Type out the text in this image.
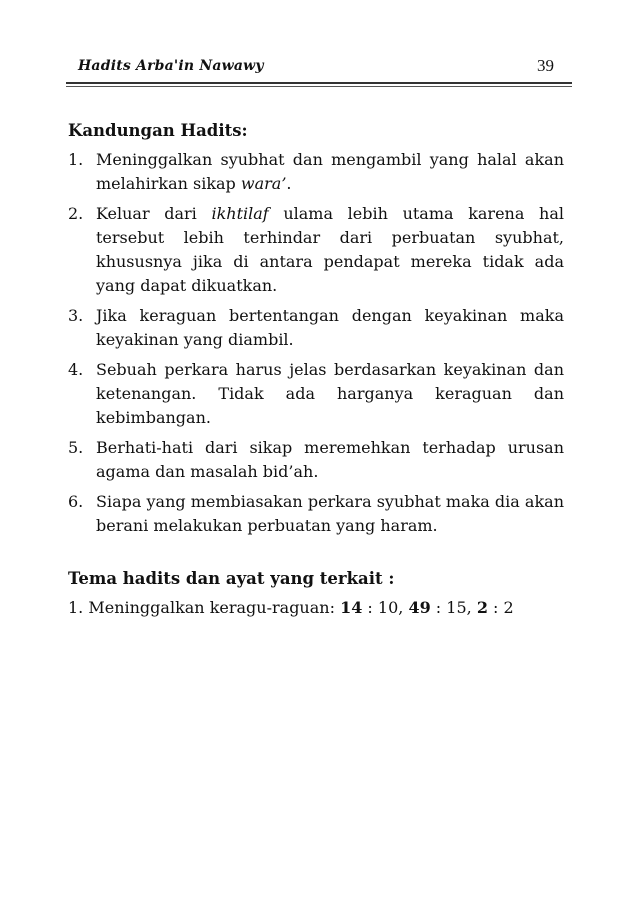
Hadits Arba'in Nawawy	39
Kandungan Hadits:
1. Meninggalkan syubhat dan mengambil yang halal akan melahirkan sikap wara’.
2. Keluar dari ikhtilaf ulama lebih utama karena hal tersebut lebih terhindar dari perbuatan syubhat, khususnya jika di antara pendapat mereka tidak ada yang dapat dikuatkan.
3. Jika keraguan bertentangan dengan keyakinan maka keyakinan yang diambil.
4. Sebuah perkara harus jelas berdasarkan keyakinan dan ketenangan. Tidak ada harganya keraguan dan kebimbangan.
5. Berhati-hati dari sikap meremehkan terhadap urusan agama dan masalah bid’ah.
6. Siapa yang membiasakan perkara syubhat maka dia akan berani melakukan perbuatan yang haram.
Tema hadits dan ayat yang terkait :
1. Meninggalkan keragu-raguan: 14 : 10, 49 : 15, 2 : 2
